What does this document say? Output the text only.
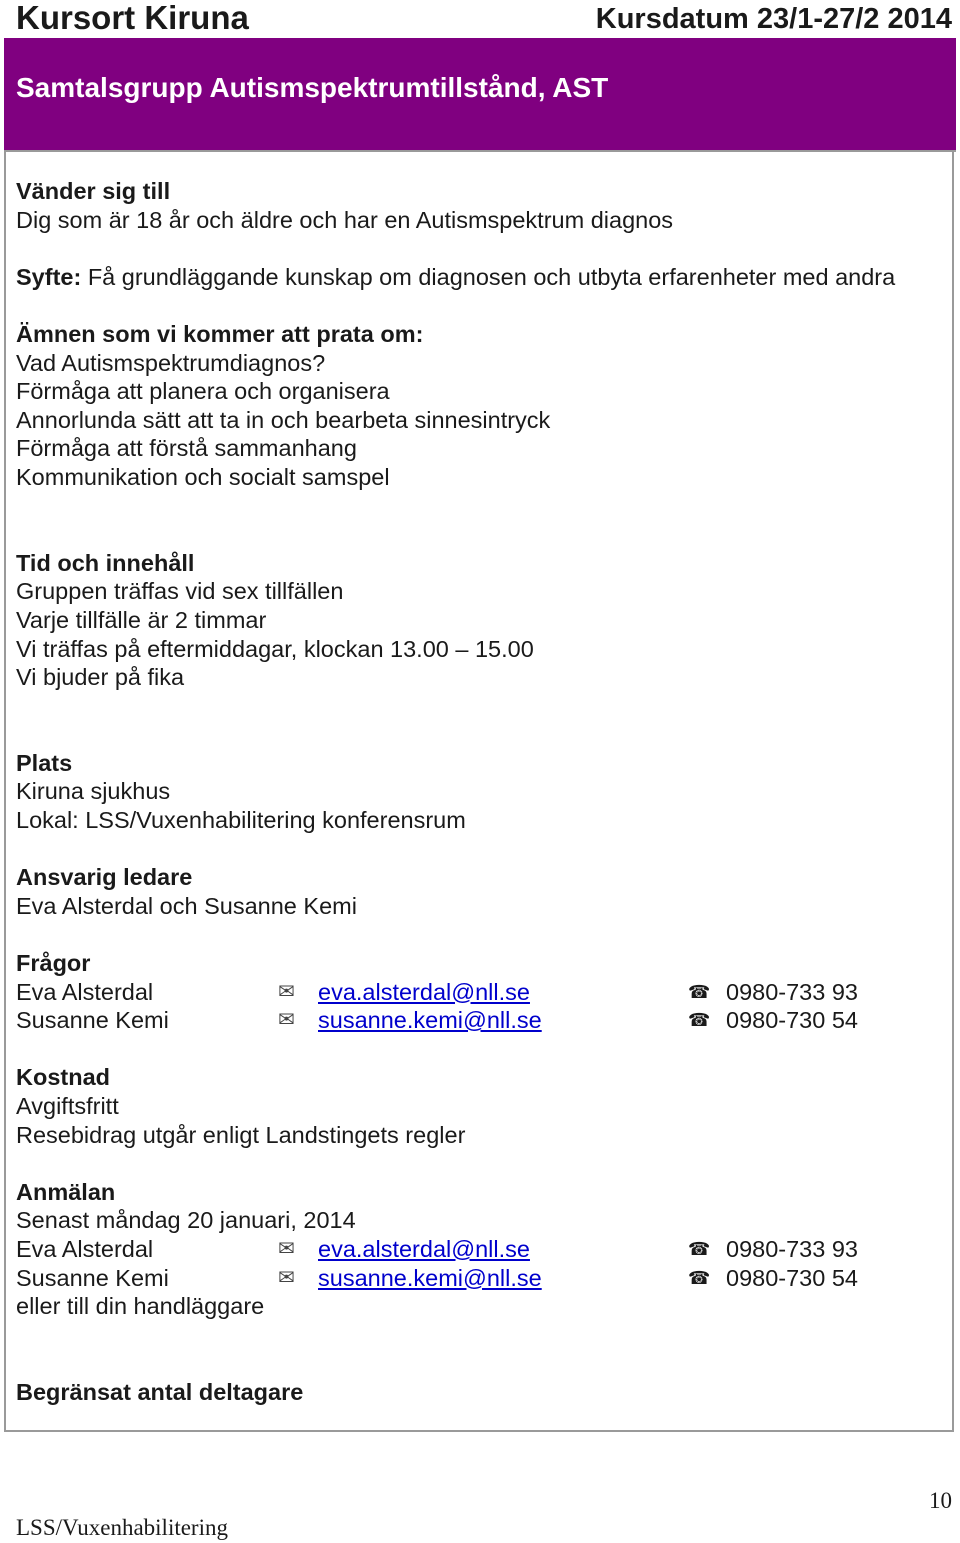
Kursort Kiruna	Kursdatum 23/1-27/2 2014
Samtalsgrupp Autismspektrumtillstånd, AST

Vänder sig till

Dig som är 18 år och äldre och har en Autismspektrum diagnos

Syfte: Få grundläggande kunskap om diagnosen och utbyta erfarenheter med andra

Ämnen som vi kommer att prata om:

Vad Autismspektrumdiagnos?

Förmåga att planera och organisera

Annorlunda sätt att ta in och bearbeta sinnesintryck

Förmåga att förstå sammanhang

Kommunikation och socialt samspel

Tid och innehåll

Gruppen träffas vid sex tillfällen

Varje tillfälle är 2 timmar

Vi träffas på eftermiddagar, klockan 13.00 – 15.00

Vi bjuder på fika

Plats

Kiruna sjukhus

Lokal: LSS/Vuxenhabilitering konferensrum

Ansvarig ledare

Eva Alsterdal och Susanne Kemi

Frågor

Eva Alsterdal	✉ eva.alsterdal@nll.se	☎ 0980-733 93
Susanne Kemi	✉ susanne.kemi@nll.se	☎ 0980-730 54

Kostnad

Avgiftsfritt

Resebidrag utgår enligt Landstingets regler

Anmälan

Senast måndag 20 januari, 2014

Eva Alsterdal	✉ eva.alsterdal@nll.se	☎ 0980-733 93
Susanne Kemi	✉ susanne.kemi@nll.se	☎ 0980-730 54

eller till din handläggare

Begränsat antal deltagare

10
LSS/Vuxenhabilitering
